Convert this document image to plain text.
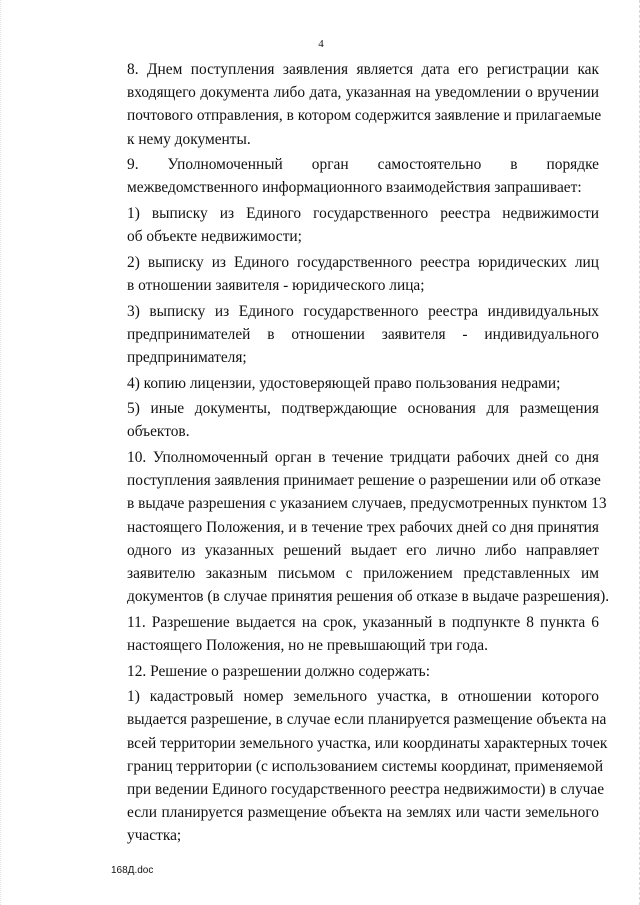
4
8. Днем поступления заявления является дата его регистрации как
входящего документа либо дата, указанная на уведомлении о вручении
почтового отправления, в котором содержится заявление и прилагаемые
к нему документы.
9.    Уполномоченный    орган    самостоятельно    в    порядке
межведомственного информационного взаимодействия запрашивает:
1) выписку из Единого государственного реестра недвижимости
об объекте недвижимости;
2) выписку из Единого государственного реестра юридических лиц
в отношении заявителя - юридического лица;
3) выписку из Единого государственного реестра индивидуальных
предпринимателей    в    отношении    заявителя    -    индивидуального
предпринимателя;
4) копию лицензии, удостоверяющей право пользования недрами;
5) иные документы, подтверждающие основания для размещения
объектов.
10. Уполномоченный орган в течение тридцати рабочих дней со дня
поступления заявления принимает решение о разрешении или об отказе
в выдаче разрешения с указанием случаев, предусмотренных пунктом 13
настоящего Положения, и в течение трех рабочих дней со дня принятия
одного из указанных решений выдает его лично либо направляет
заявителю заказным письмом с приложением представленных им
документов (в случае принятия решения об отказе в выдаче разрешения).
11. Разрешение выдается на срок, указанный в подпункте 8 пункта 6
настоящего Положения, но не превышающий три года.
12. Решение о разрешении должно содержать:
1) кадастровый номер земельного участка, в отношении которого
выдается разрешение, в случае если планируется размещение объекта на
всей территории земельного участка, или координаты характерных точек
границ территории (с использованием системы координат, применяемой
при ведении Единого государственного реестра недвижимости) в случае
если планируется размещение объекта на землях или части земельного
участка;
168Д.doc
